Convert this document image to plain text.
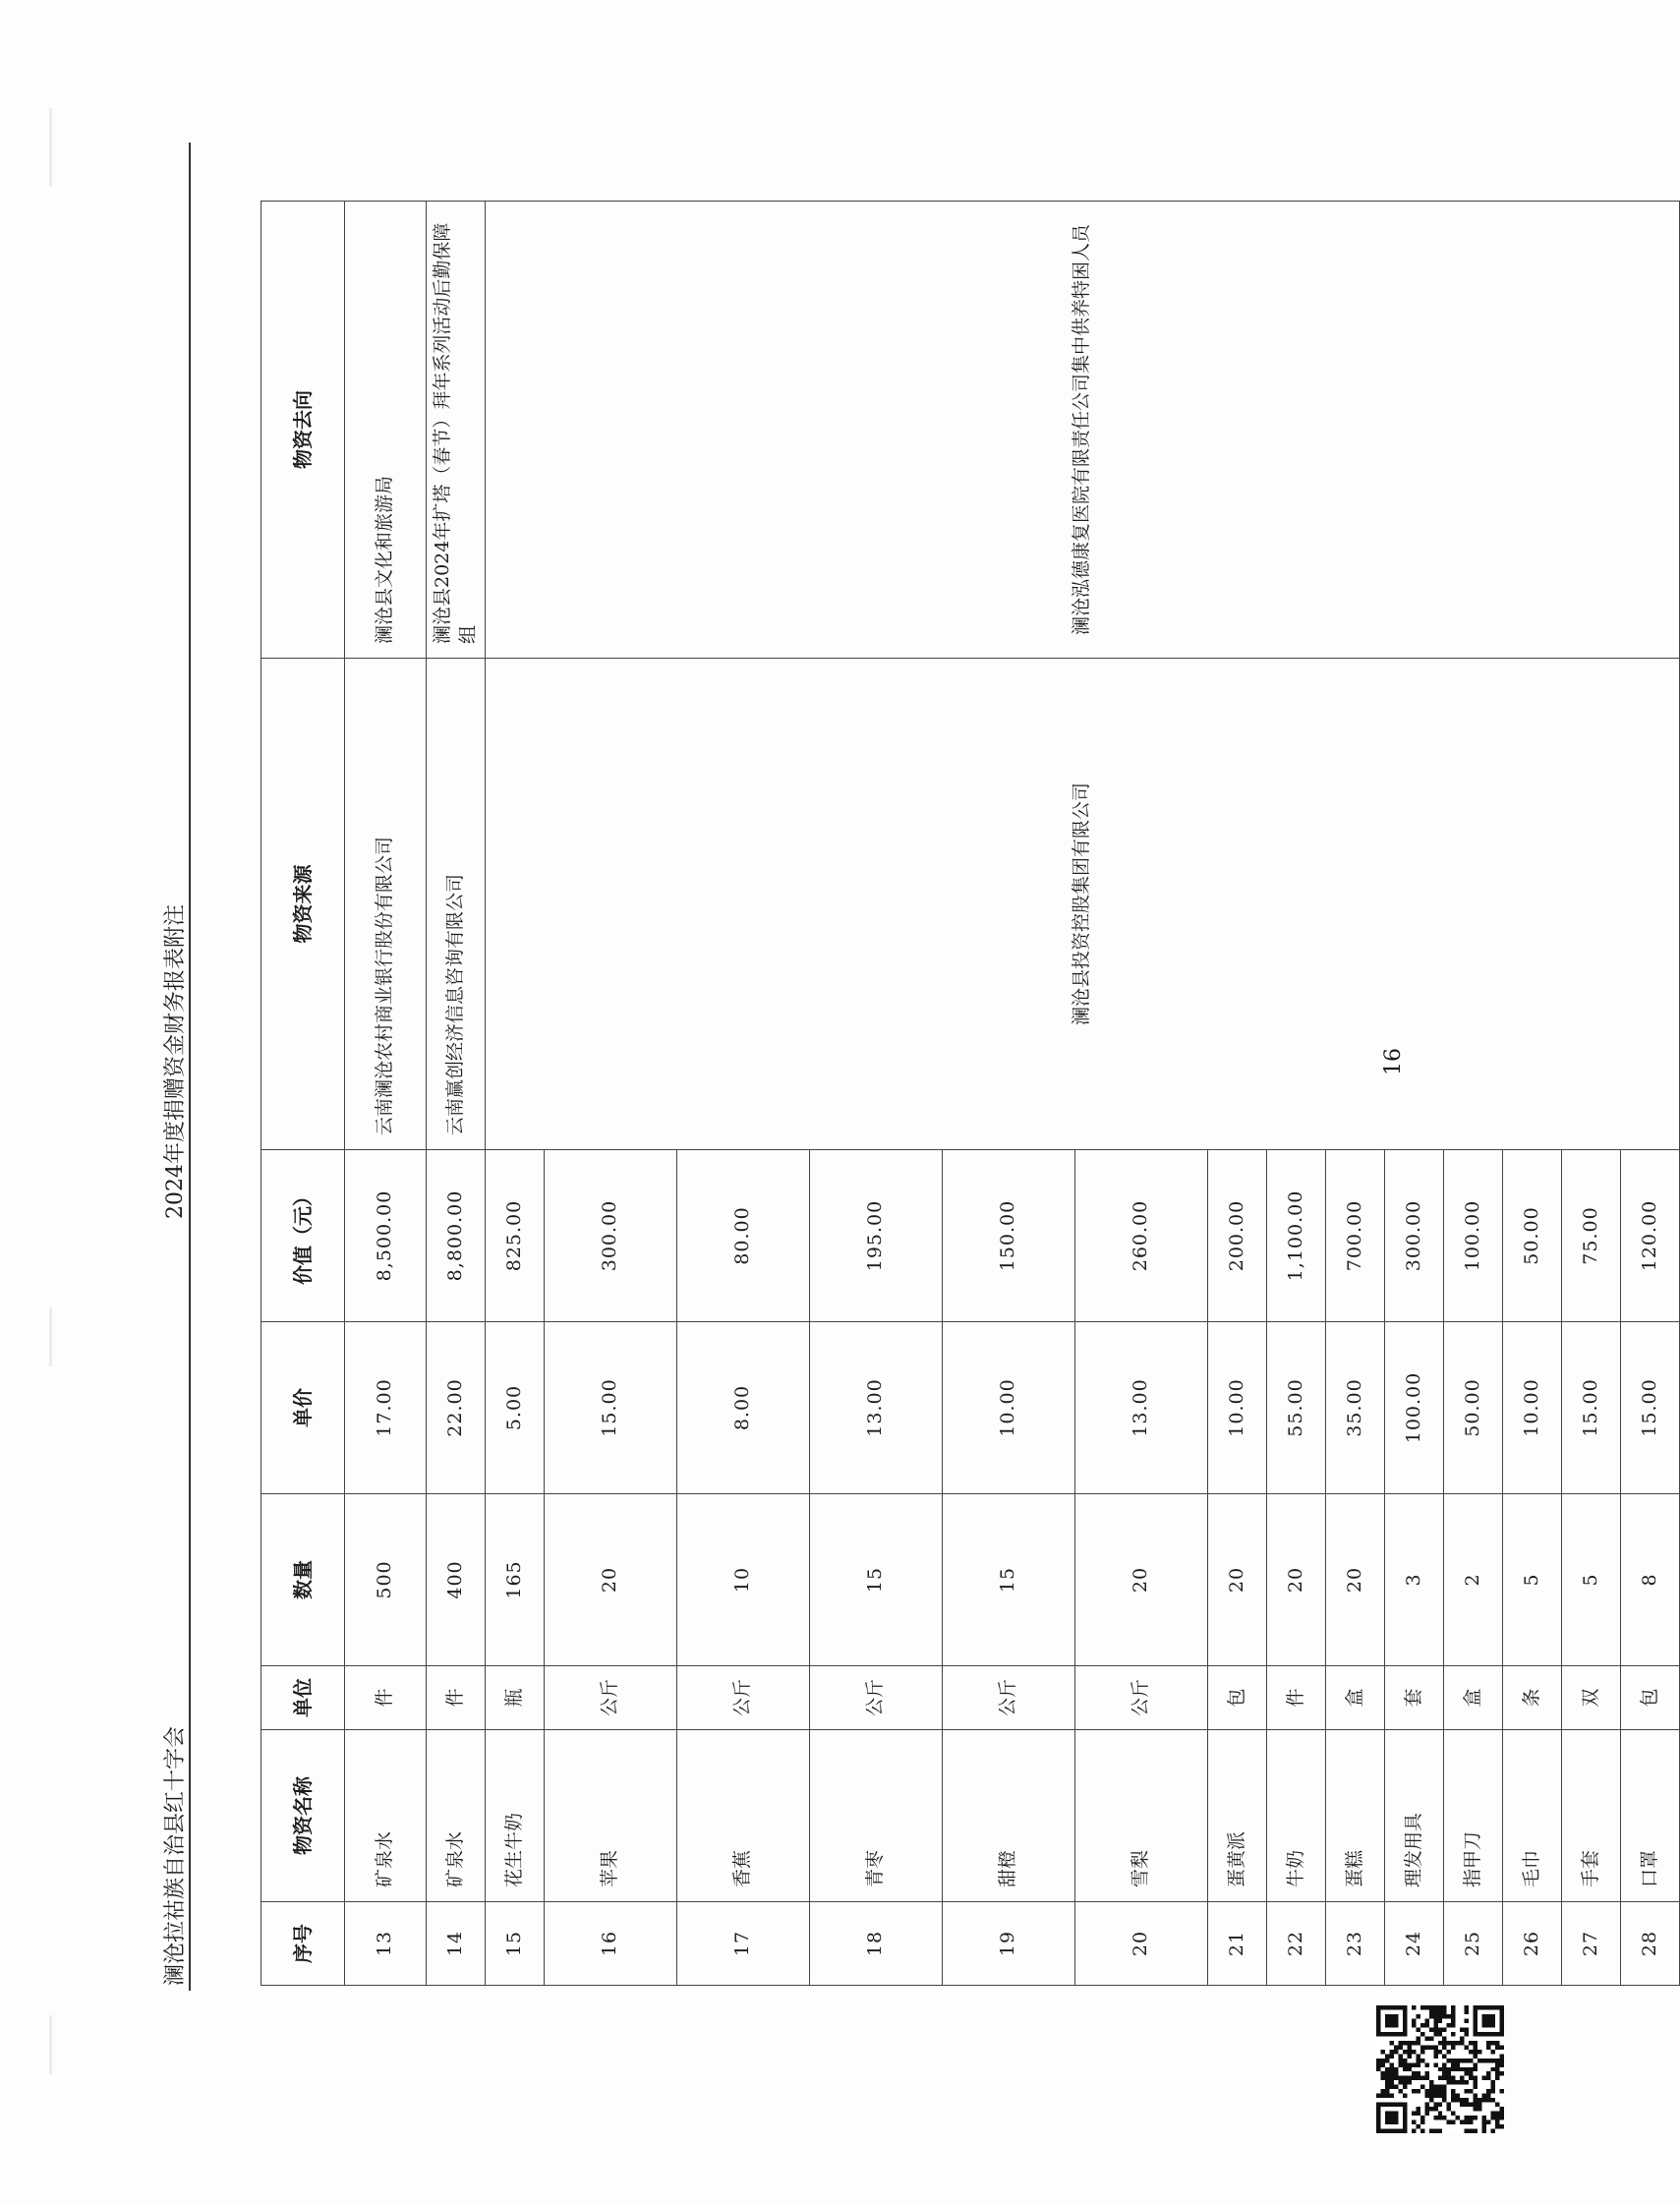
澜沧拉祜族自治县红十字会
2024年度捐赠资金财务报表附注
序号	物资名称	单位	数量	单价	价值（元）	物资来源	物资去向
13	矿泉水	件	500	17.00	8,500.00	云南澜沧农村商业银行股份有限公司	澜沧县文化和旅游局
14	矿泉水	件	400	22.00	8,800.00	云南赢创经济信息咨询有限公司	澜沧县2024年扩塔（春节）拜年系列活动后勤保障组
15	花生牛奶	瓶	165	5.00	825.00	澜沧县投资控股集团有限公司	澜沧泓德康复医院有限责任公司集中供养特困人员
16	苹果	公斤	20	15.00	300.00		
17	香蕉	公斤	10	8.00	80.00		
18	青枣	公斤	15	13.00	195.00		
19	甜橙	公斤	15	10.00	150.00		
20	雪梨	公斤	20	13.00	260.00		
21	蛋黄派	包	20	10.00	200.00		
22	牛奶	件	20	55.00	1,100.00		
23	蛋糕	盒	20	35.00	700.00		
24	理发用具	套	3	100.00	300.00		
25	指甲刀	盒	2	50.00	100.00		
26	毛巾	条	5	10.00	50.00		
27	手套	双	5	15.00	75.00		
28	口罩	包	8	15.00	120.00		
16
